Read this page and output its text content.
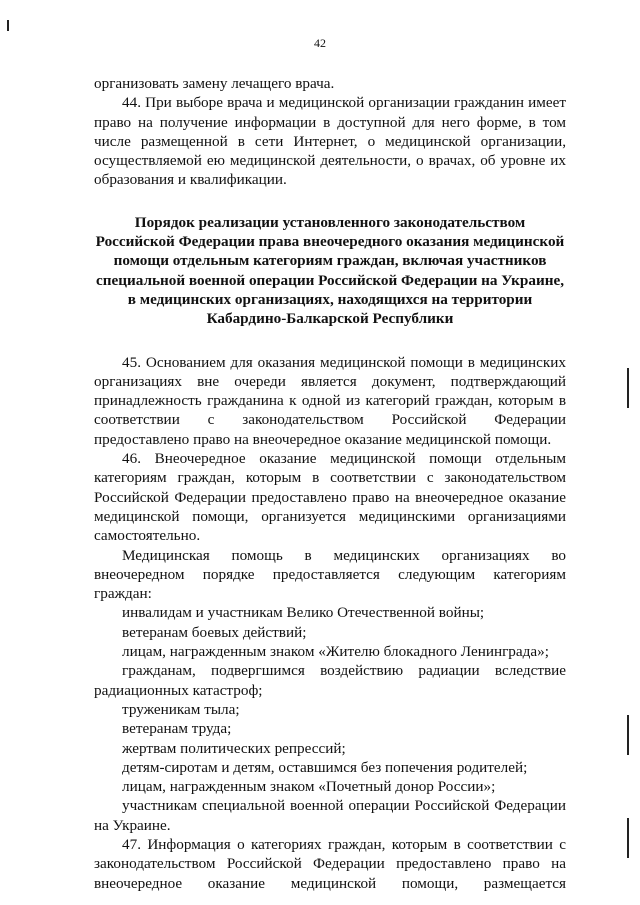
42

организовать замену лечащего врача.

44. При выборе врача и медицинской организации гражданин имеет право на получение информации в доступной для него форме, в том числе размещенной в сети Интернет, о медицинской организации, осуществляемой ею медицинской деятельности, о врачах, об уровне их образования и квалификации.

Порядок реализации установленного законодательством
Российской Федерации права внеочередного оказания медицинской
помощи отдельным категориям граждан, включая участников
специальной военной операции Российской Федерации на Украине,
в медицинских организациях, находящихся на территории
Кабардино-Балкарской Республики

45. Основанием для оказания медицинской помощи в медицинских организациях вне очереди является документ, подтверждающий принадлежность гражданина к одной из категорий граждан, которым в соответствии с законодательством Российской Федерации предоставлено право на внеочередное оказание медицинской помощи.

46. Внеочередное оказание медицинской помощи отдельным категориям граждан, которым в соответствии с законодательством Российской Федерации предоставлено право на внеочередное оказание медицинской помощи, организуется медицинскими организациями самостоятельно.

Медицинская помощь в медицинских организациях во внеочередном порядке предоставляется следующим категориям граждан:

инвалидам и участникам Велико Отечественной войны;

ветеранам боевых действий;

лицам, награжденным знаком «Жителю блокадного Ленинграда»;

гражданам, подвергшимся воздействию радиации вследствие радиационных катастроф;

труженикам тыла;

ветеранам труда;

жертвам политических репрессий;

детям-сиротам и детям, оставшимся без попечения родителей;

лицам, награжденным знаком «Почетный донор России»;

участникам специальной военной операции Российской Федерации на Украине.

47. Информация о категориях граждан, которым в соответствии с законодательством Российской Федерации предоставлено право на внеочередное оказание медицинской помощи, размещается
